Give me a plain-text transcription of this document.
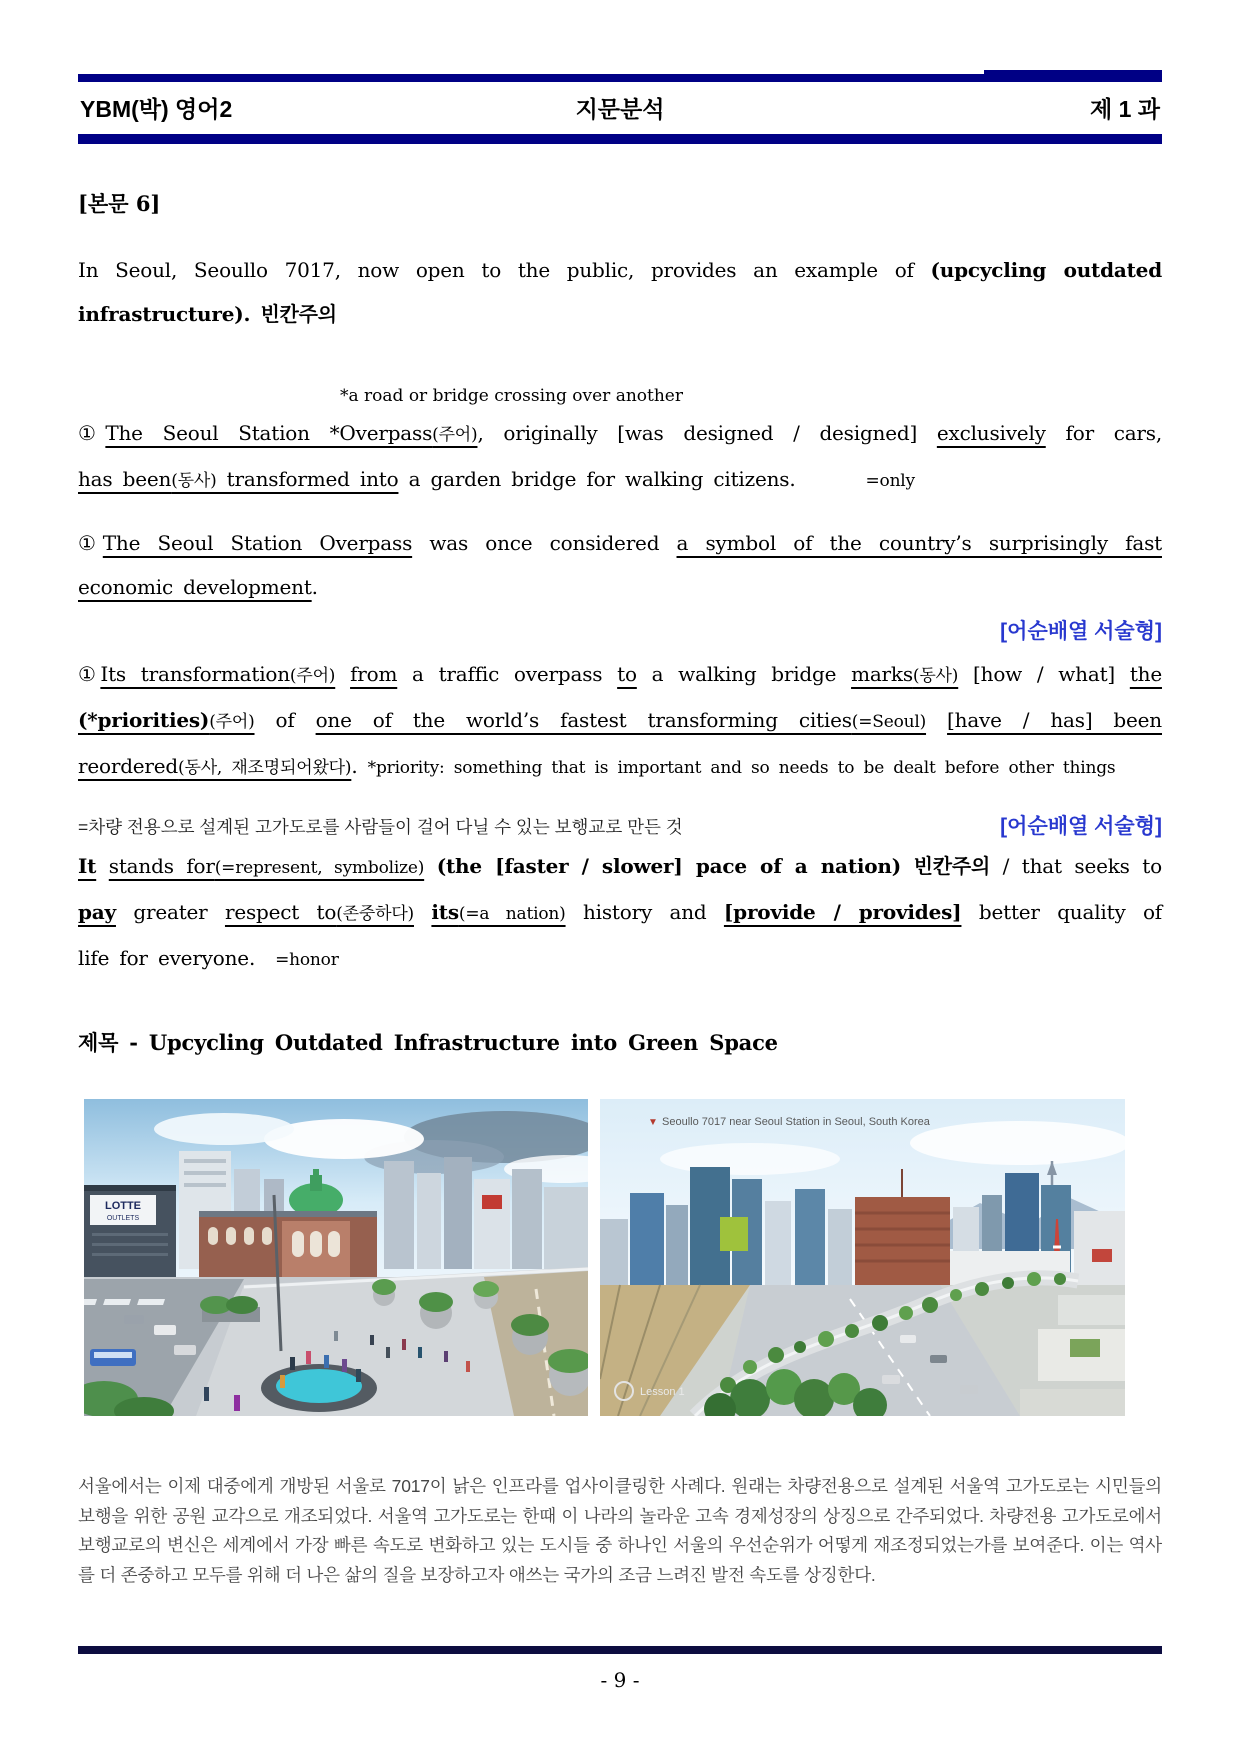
YBM(박) 영어2	지문분석	제 1 과
[본문 6]
In Seoul, Seoullo 7017, now open to the public, provides an example of (upcycling outdated
infrastructure). 빈칸주의
*a road or bridge crossing over another
①The Seoul Station *Overpass(주어), originally [was designed / designed] exclusively for cars,
has been(동사) transformed into a garden bridge for walking citizens.	=only
①The Seoul Station Overpass was once considered a symbol of the country’s surprisingly fast
economic development.
[어순배열 서술형]
①Its transformation(주어) from a traffic overpass to a walking bridge marks(동사) [how / what] the
(*priorities)(주어) of one of the world’s fastest transforming cities(=Seoul) [have / has] been
reordered(동사, 재조명되어왔다). *priority: something that is important and so needs to be dealt before other things
=차량 전용으로 설계된 고가도로를 사람들이 걸어 다닐 수 있는 보행교로 만든 것	[어순배열 서술형]
It stands for(=represent, symbolize) (the [faster / slower] pace of a nation) 빈칸주의 / that seeks to
pay greater respect to(존중하다) its(=a nation) history and [provide / provides] better quality of
life for everyone. =honor
제목 - Upcycling Outdated Infrastructure into Green Space
LOTTE
OUTLETS
▼ Seoullo 7017 near Seoul Station in Seoul, South Korea
Lesson 1
서울에서는 이제 대중에게 개방된 서울로 7017이 낡은 인프라를 업사이클링한 사례다. 원래는 차량전용으로 설계된 서울역 고가도로는 시민들의 보행을 위한 공원 교각으로 개조되었다. 서울역 고가도로는 한때 이 나라의 놀라운 고속 경제성장의 상징으로 간주되었다. 차량전용 고가도로에서 보행교로의 변신은 세계에서 가장 빠른 속도로 변화하고 있는 도시들 중 하나인 서울의 우선순위가 어떻게 재조정되었는가를 보여준다. 이는 역사를 더 존중하고 모두를 위해 더 나은 삶의 질을 보장하고자 애쓰는 국가의 조금 느려진 발전 속도를 상징한다.
- 9 -
